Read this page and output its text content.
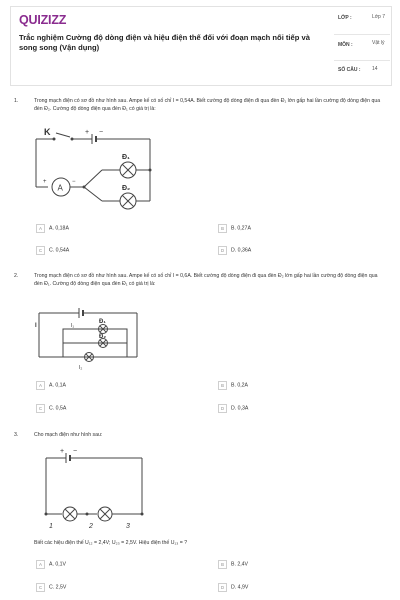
QUIZIZZ
Trắc nghiệm Cường độ dòng điện và hiệu điện thế đối với đoạn mạch nối tiếp và song song (Vận dụng)
LỚP :	Lớp 7
MÔN :	Vật lý
SỐ CÂU : 14
1.	Trong mạch điện có sơ đồ như hình sau. Ampe kế có số chỉ I = 0,54A. Biết cường độ dòng điện đi qua đèn Đ₁ lớn gấp hai lần cường độ dòng điện qua đèn Đ₂. Cường độ dòng điện qua đèn Đ₁ có giá trị là:
K	+ −
A
+	−
Đ₁
Đ₂
A A. 0,18A	B B. 0,27A
C C. 0,54A	D D. 0,36A
2.	Trong mạch điện có sơ đồ như hình sau. Ampe kế có số chỉ I = 0,6A. Biết cường độ dòng điện đi qua đèn Đ₂ lớn gấp hai lần cường độ dòng điện qua đèn Đ₁. Cường độ dòng điện qua đèn Đ₁ có giá trị là:
I	I₁
I₂
Đ₁
Đ₂
A A. 0,1A	B B. 0,2A
C C. 0,5A	D D. 0,3A
3.	Cho mạch điện như hình sau:
+ −
1	2	3
Biết các hiệu điện thế U₁₂ = 2,4V; U₂₃ = 2,5V. Hiệu điện thế U₁₃ = ?
A A. 0,1V	B B. 2,4V
C C. 2,5V	D D. 4,9V
